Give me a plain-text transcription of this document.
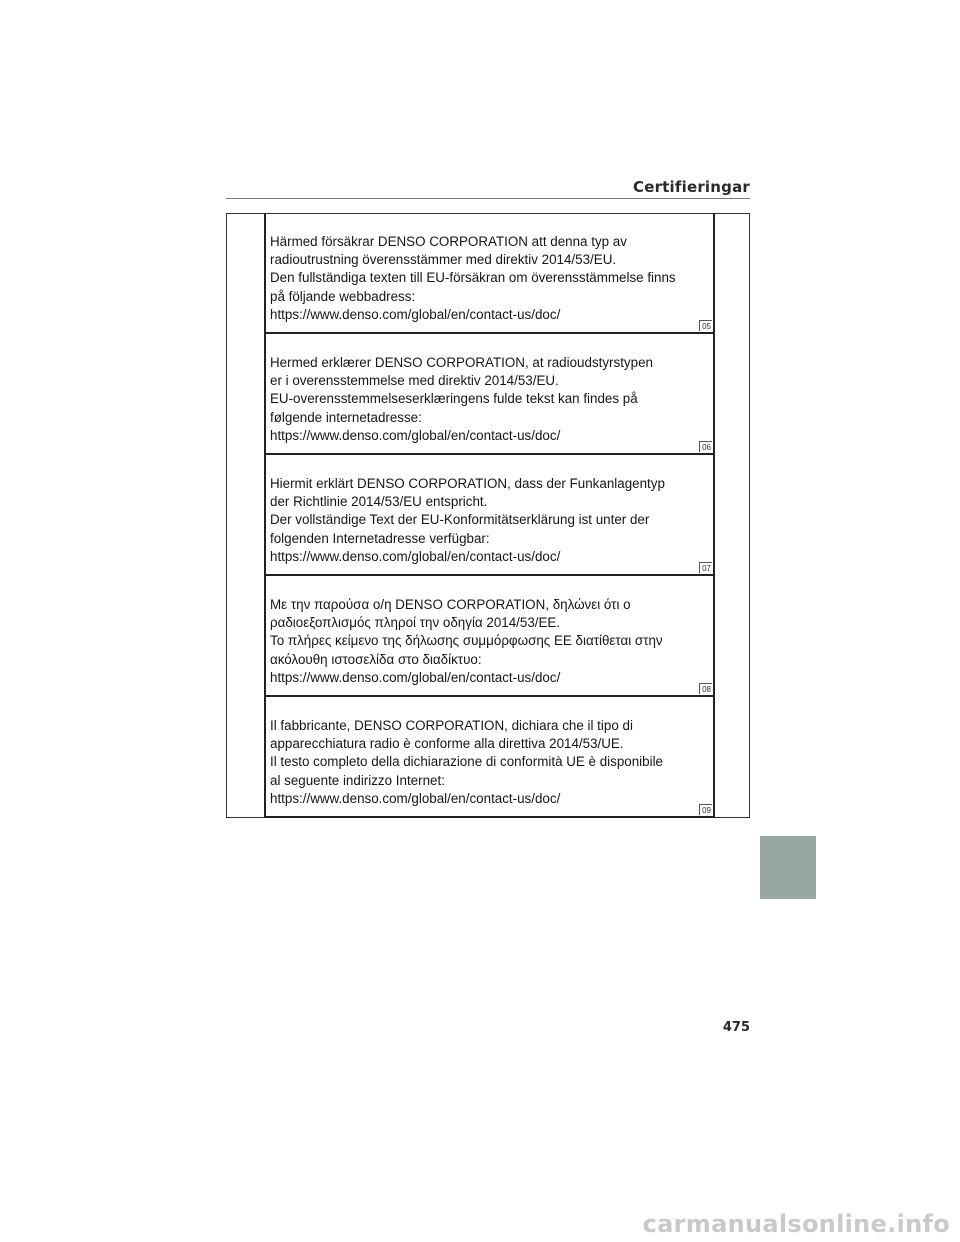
Certifieringar
Härmed försäkrar DENSO CORPORATION att denna typ av
radioutrustning överensstämmer med direktiv 2014/53/EU.
Den fullständiga texten till EU-försäkran om överensstämmelse finns
på följande webbadress:
https://www.denso.com/global/en/contact-us/doc/
05
Hermed erklærer DENSO CORPORATION, at radioudstyrstypen
er i overensstemmelse med direktiv 2014/53/EU.
EU-overensstemmelseserklæringens fulde tekst kan findes på
følgende internetadresse:
https://www.denso.com/global/en/contact-us/doc/
06
Hiermit erklärt DENSO CORPORATION, dass der Funkanlagentyp
der Richtlinie 2014/53/EU entspricht.
Der vollständige Text der EU-Konformitätserklärung ist unter der
folgenden Internetadresse verfügbar:
https://www.denso.com/global/en/contact-us/doc/
07
Με την παρούσα ο/η DENSO CORPORATION, δηλώνει ότι ο
ραδιοεξοπλισμός πληροί την οδηγία 2014/53/ΕΕ.
Το πλήρες κείμενο της δήλωσης συμμόρφωσης ΕΕ διατίθεται στην
ακόλουθη ιστοσελίδα στο διαδίκτυο:
https://www.denso.com/global/en/contact-us/doc/
08
Il fabbricante, DENSO CORPORATION, dichiara che il tipo di
apparecchiatura radio è conforme alla direttiva 2014/53/UE.
Il testo completo della dichiarazione di conformità UE è disponibile
al seguente indirizzo Internet:
https://www.denso.com/global/en/contact-us/doc/
09
475
carmanualsonline.info
